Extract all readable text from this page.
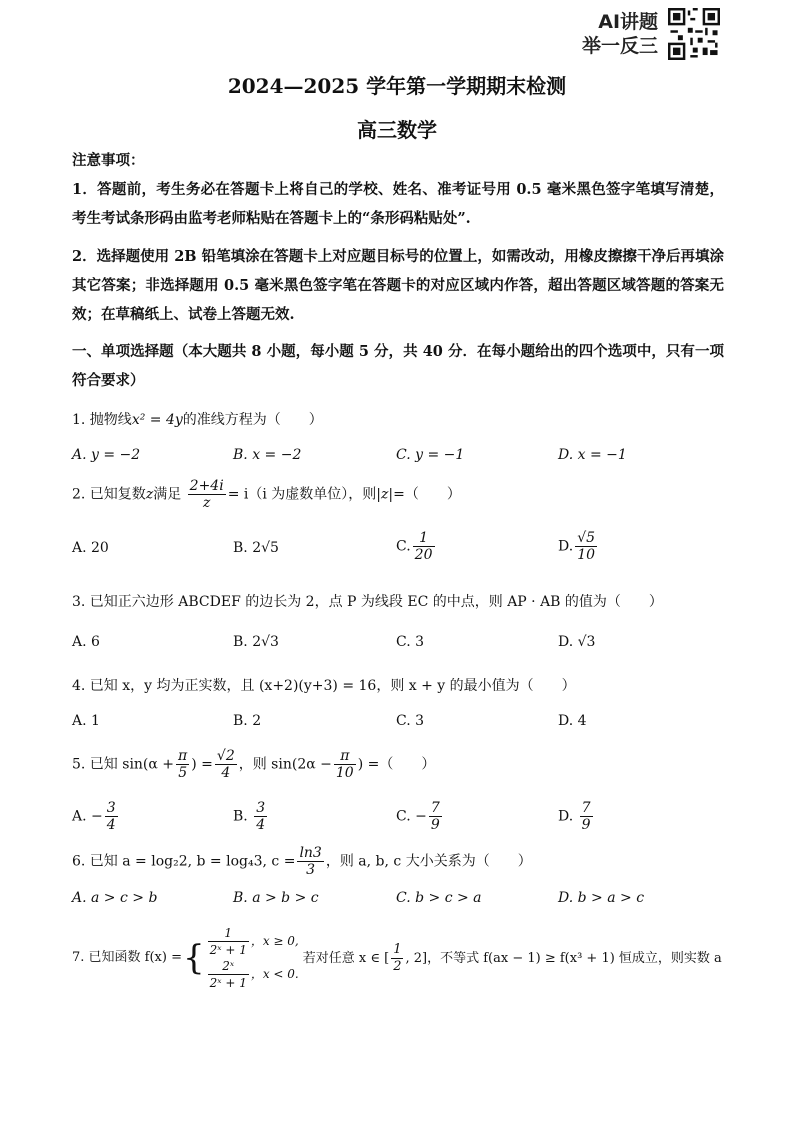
AI讲题
举一反三
2024—2025 学年第一学期期末检测
高三数学
注意事项：
1．答题前，考生务必在答题卡上将自己的学校、姓名、准考证号用 0.5 毫米黑色签字笔填写清楚，考生考试条形码由监考老师粘贴在答题卡上的“条形码粘贴处”.
2．选择题使用 2B 铅笔填涂在答题卡上对应题目标号的位置上，如需改动，用橡皮擦擦干净后再填涂其它答案；非选择题用 0.5 毫米黑色签字笔在答题卡的对应区域内作答，超出答题区域答题的答案无效；在草稿纸上、试卷上答题无效.
一、单项选择题（本大题共 8 小题，每小题 5 分，共 40 分．在每小题给出的四个选项中，只有一项符合要求）
1. 抛物线x² = 4y的准线方程为（　　）
A. y = −2	B. x = −2	C. y = −1	D. x = −1
2. 已知复数z满足 $\frac{2+4i}{z} = i(i$ 为虚数单位），则|z|=（　　）
A. 20	B. 2√5	C. $\frac{1}{20}$	D. $\frac{√5}{10}$
3. 已知正六边形 ABCDEF 的边长为 2，点 P 为线段 EC 的中点，则 AP · AB 的值为（　　）
A. 6	B. 2√3	C. 3	D. √3
4. 已知 x，y 均为正实数，且 (x+2)(y+3) = 16，则 x + y 的最小值为（　　）
A. 1	B. 2	C. 3	D. 4
5. 已知 $\sin(\alpha + \frac{\pi}{5}$ ) = $\frac{√2}{4}$ ，则 $\sin(2\alpha - \frac{\pi}{10}$ ) =（　　）
A. − $\frac{3}{4}$	B. $\frac{3}{4}$	C. − $\frac{7}{9}$	D. $\frac{7}{9}$
6. 已知 a = log₂2, b = log₄3, $c = \frac{\ln 3}{3}$ ，则 a, b, c 大小关系为（　　）
A. a > c > b	B. a > b > c	C. b > c > a	D. b > a > c
7. 已知函数 f(x) =	{	$\frac{1}{\text{2ˣ + 1}}$ ，x ≥ 0,
$\frac{\text{2ˣ}}{\text{2ˣ + 1}}$ ，x < 0.
	若对任意 x ∈ [ $\frac{1}{2}$ , 2]，不等式 f(ax − 1) ≥ f(x³ + 1) 恒成立，则实数 a
